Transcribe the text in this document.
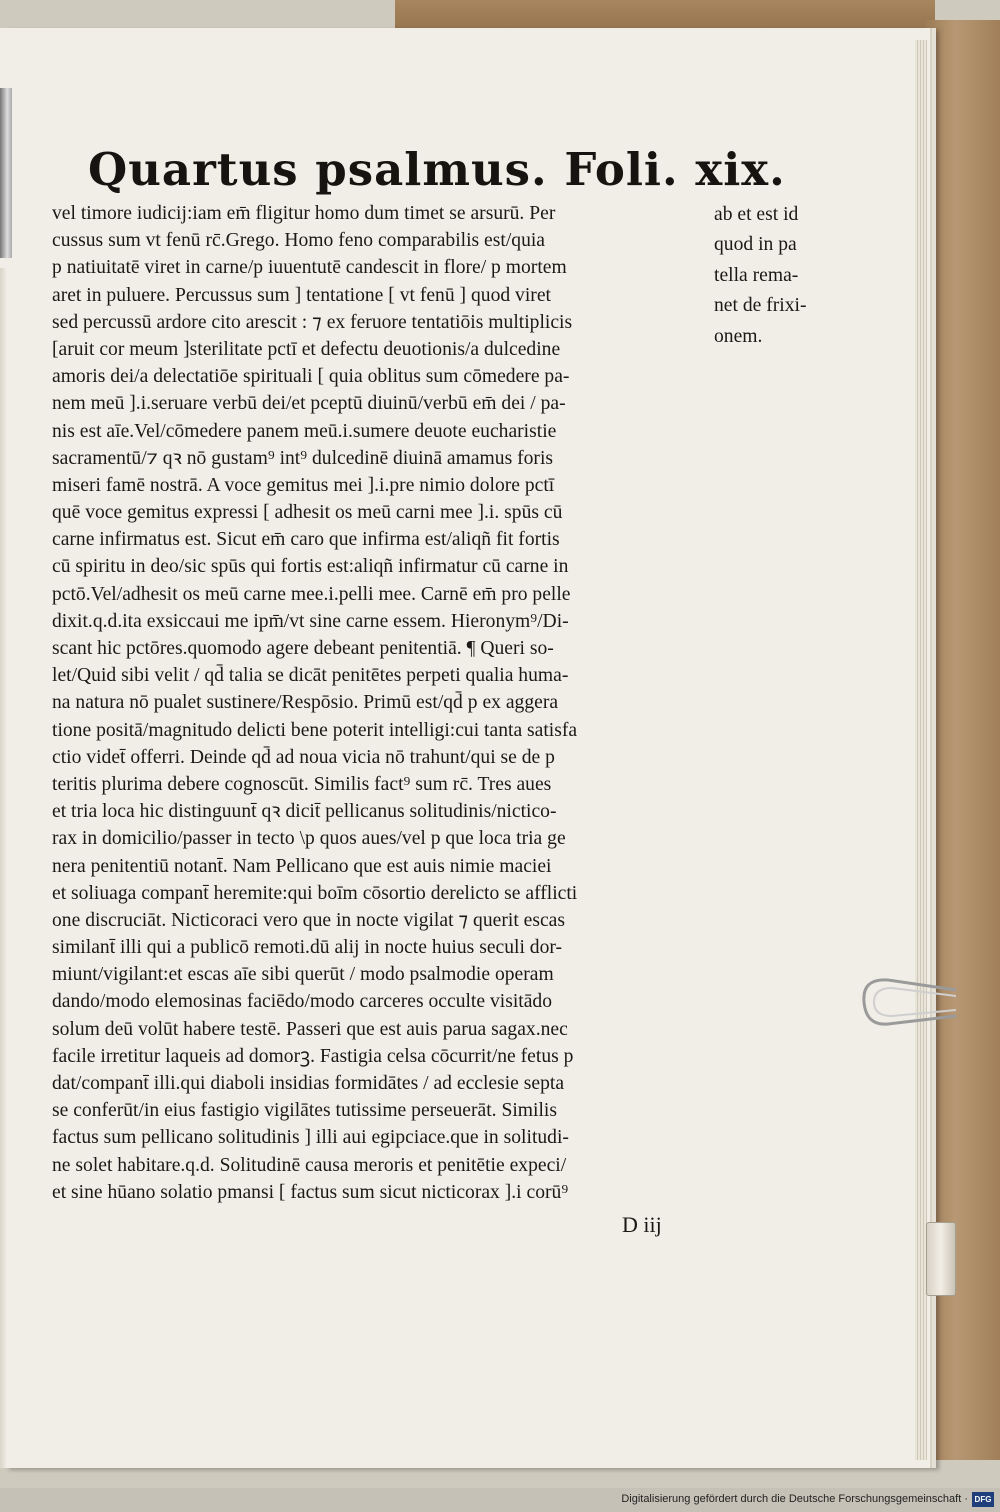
Quartus psalmus. Foli. xix.
vel timore iudicij:iam em̄ fligitur homo dum timet se arsurū. Per
cussus sum vt fenū rc̄.Grego. Homo feno comparabilis est/quia
p natiuitatē viret in carne/p iuuentutē candescit in flore/ p mortem
aret in puluere. Percussus sum ] tentatione [ vt fenū ] quod viret
sed percussū ardore cito arescit : ⁊ ex feruore tentatiōis multiplicis
[aruit cor meum ]sterilitate pctī et defectu deuotionis/a dulcedine
amoris dei/a delectatiōe spirituali [ quia oblitus sum cōmedere pa-
nem meū ].i.seruare verbū dei/et pceptū diuinū/verbū em̄ dei / pa-
nis est aīe.Vel/cōmedere panem meū.i.sumere deuote eucharistie
sacramentū/⁊ qꝛ nō gustam⁹ int⁹ dulcedinē diuinā amamus foris
miseri famē nostrā. A voce gemitus mei ].i.pre nimio dolore pctī
quē voce gemitus expressi [ adhesit os meū carni mee ].i. spūs cū
carne infirmatus est. Sicut em̄ caro que infirma est/aliqñ fit fortis
cū spiritu in deo/sic spūs qui fortis est:aliqñ infirmatur cū carne in
pctō.Vel/adhesit os meū carne mee.i.pelli mee. Carnē em̄ pro pelle
dixit.q.d.ita exsiccaui me ipm̄/vt sine carne essem. Hieronym⁹/Di-
scant hic pctōres.quomodo agere debeant penitentiā. ¶ Queri so-
let/Quid sibi velit / qd̄ talia se dicāt penitētes perpeti qualia huma-
na natura nō pualet sustinere/Respōsio. Primū est/qd̄ p ex aggera
tione positā/magnitudo delicti bene poterit intelligi:cui tanta satisfa
ctio videt̄ offerri. Deinde qd̄ ad noua vicia nō trahunt/qui se de p
teritis plurima debere cognoscūt. Similis fact⁹ sum rc̄. Tres aues
et tria loca hic distinguunt̄ qꝛ dicit̄ pellicanus solitudinis/nictico-
rax in domicilio/passer in tecto \p quos aues/vel p que loca tria ge
nera penitentiū notant̄. Nam Pellicano que est auis nimie maciei
et soliuaga compant̄ heremite:qui boīm cōsortio derelicto se afflicti
one discruciāt. Nicticoraci vero que in nocte vigilat ⁊ querit escas
similant̄ illi qui a publicō remoti.dū alij in nocte huius seculi dor-
miunt/vigilant:et escas aīe sibi querūt / modo psalmodie operam
dando/modo elemosinas faciēdo/modo carceres occulte visitādo
solum deū volūt habere testē. Passeri que est auis parua sagax.nec
facile irretitur laqueis ad domorꝫ. Fastigia celsa cōcurrit/ne fetus p
dat/compant̄ illi.qui diaboli insidias formidātes / ad ecclesie septa
se conferūt/in eius fastigio vigilātes tutissime perseuerāt. Similis
factus sum pellicano solitudinis ] illi aui egipciace.que in solitudi-
ne solet habitare.q.d. Solitudinē causa meroris et penitētie expeci/
et sine hūano solatio pmansi [ factus sum sicut nicticorax ].i corū⁹
ab et est id
quod in pa
tella rema-
net de frixi-
onem.
D iij
Digitalisierung gefördert durch die Deutsche Forschungsgemeinschaft · DFG
